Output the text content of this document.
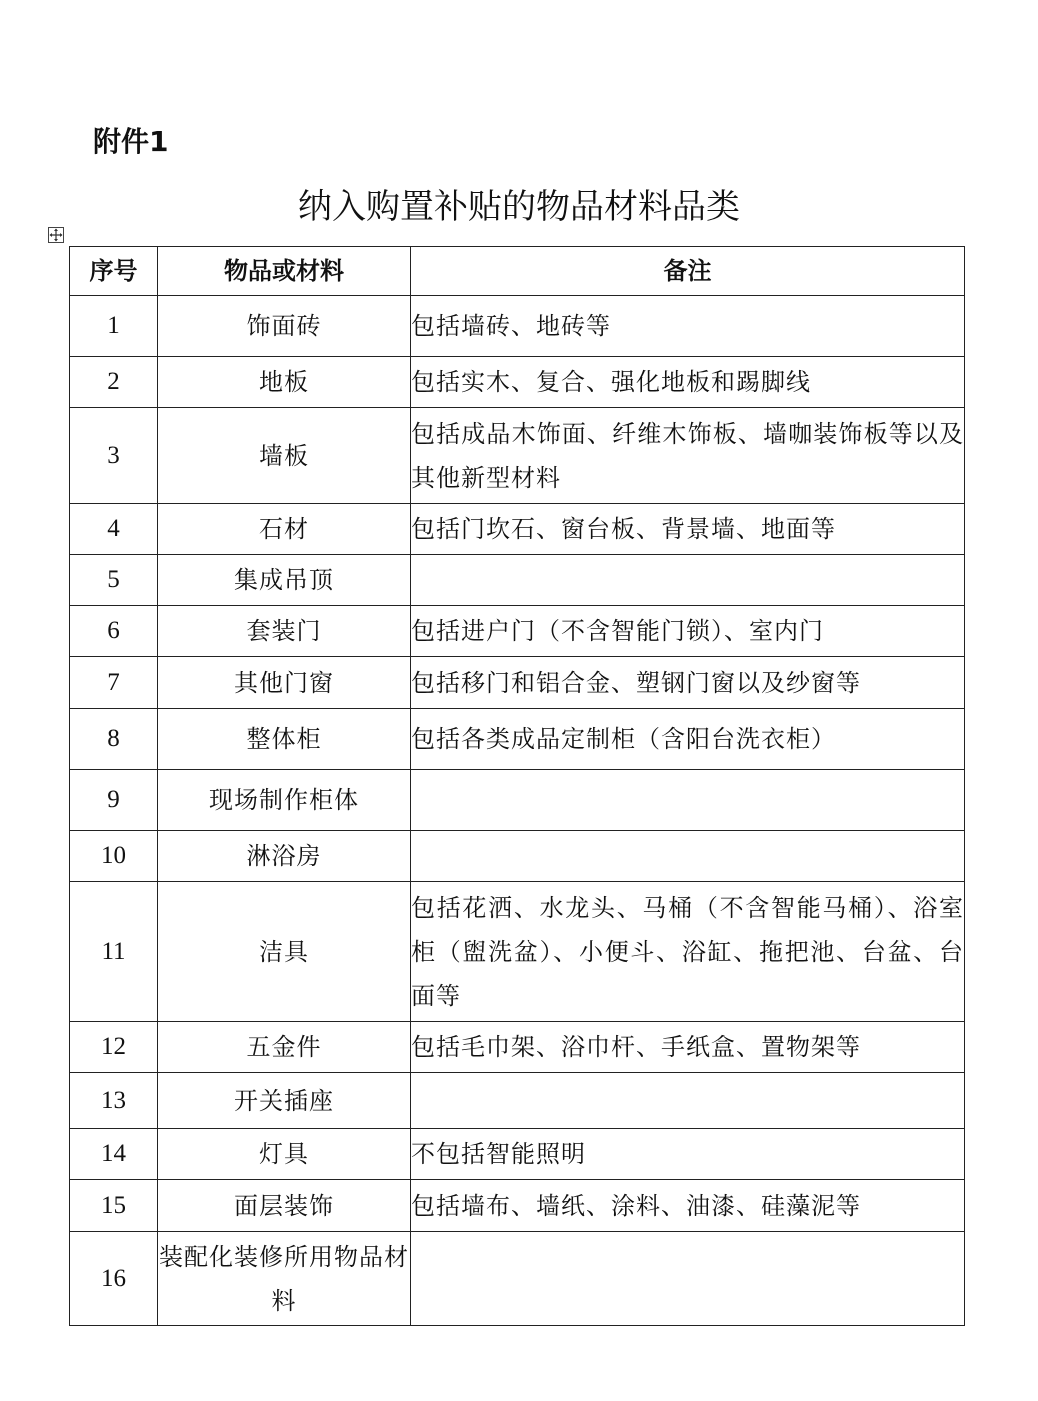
附件1
纳入购置补贴的物品材料品类
序号	物品或材料	备注
1	饰面砖	包括墙砖、地砖等
2	地板	包括实木、复合、强化地板和踢脚线
3	墙板	包括成品木饰面、纤维木饰板、墙咖装饰板等以及其他新型材料
4	石材	包括门坎石、窗台板、背景墙、地面等
5	集成吊顶	
6	套装门	包括进户门（不含智能门锁）、室内门
7	其他门窗	包括移门和铝合金、塑钢门窗以及纱窗等
8	整体柜	包括各类成品定制柜（含阳台洗衣柜）
9	现场制作柜体	
10	淋浴房	
11	洁具	包括花洒、水龙头、马桶（不含智能马桶）、浴室柜（盥洗盆）、小便斗、浴缸、拖把池、台盆、台面等
12	五金件	包括毛巾架、浴巾杆、手纸盒、置物架等
13	开关插座	
14	灯具	不包括智能照明
15	面层装饰	包括墙布、墙纸、涂料、油漆、硅藻泥等
16	装配化装修所用物品材料	
